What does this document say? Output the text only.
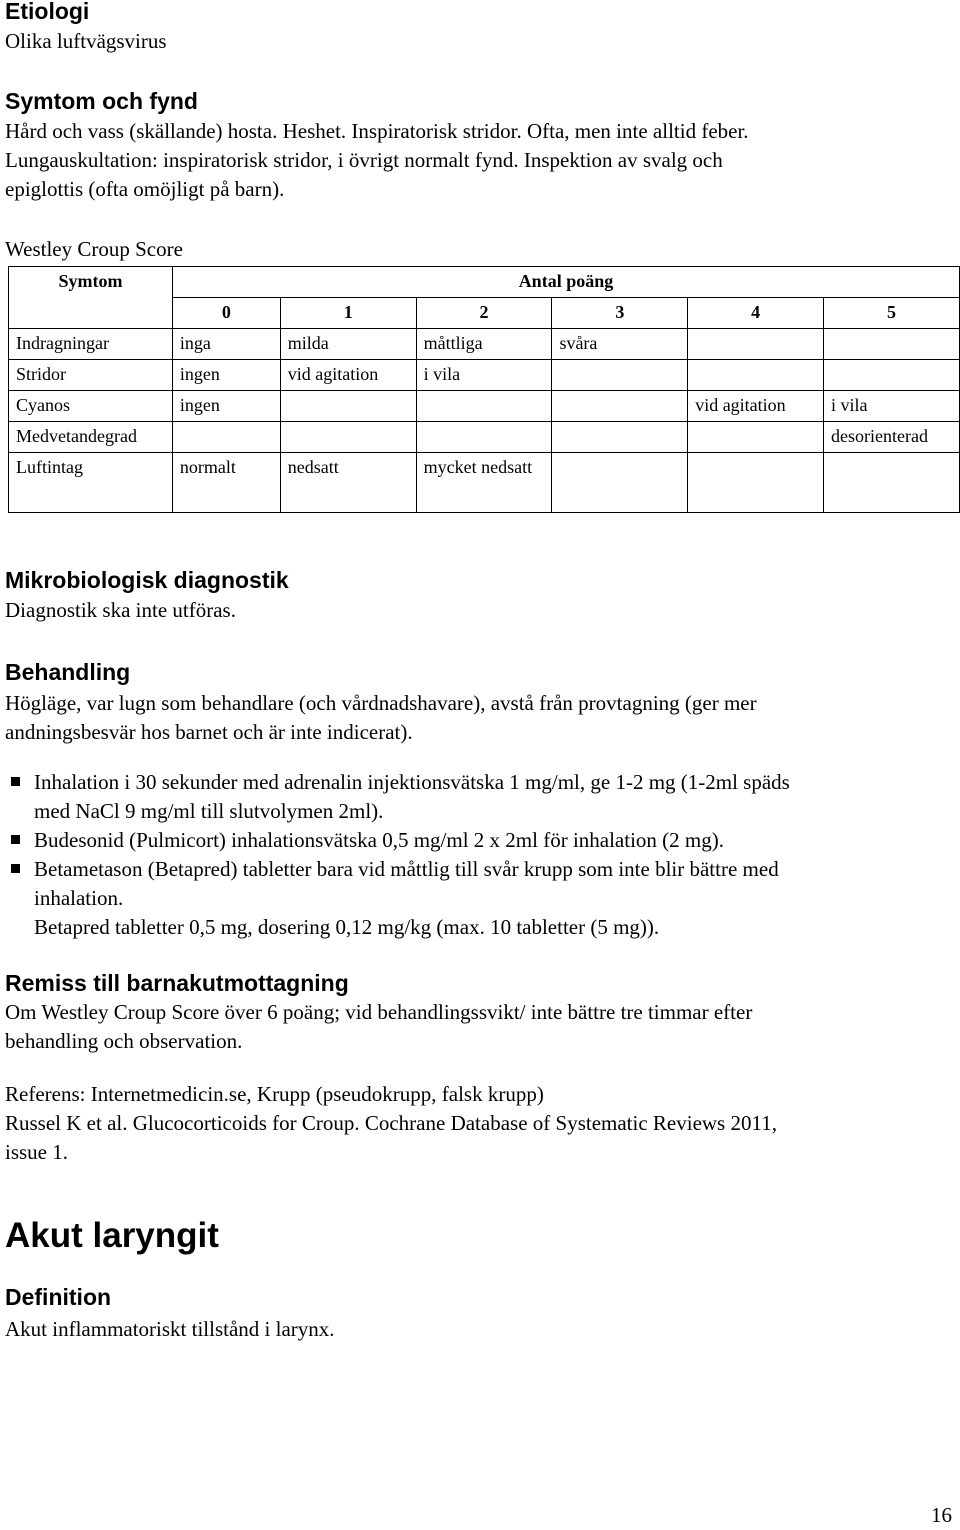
Etiologi

Olika luftvägsvirus

Symtom och fynd

Hård och vass (skällande) hosta. Heshet. Inspiratorisk stridor. Ofta, men inte alltid feber.

Lungauskultation: inspiratorisk stridor, i övrigt normalt fynd. Inspektion av svalg och

epiglottis (ofta omöjligt på barn).

Westley Croup Score

Symtom	Antal poäng					
	0	1	2	3	4	5
Indragningar	inga	milda	måttliga	svåra		
Stridor	ingen	vid agitation	i vila			
Cyanos	ingen				vid agitation	i vila
Medvetandegrad						desorienterad
Luftintag	normalt	nedsatt	mycket nedsatt			
Mikrobiologisk diagnostik

Diagnostik ska inte utföras.

Behandling

Högläge, var lugn som behandlare (och vårdnadshavare), avstå från provtagning (ger mer

andningsbesvär hos barnet och är inte indicerat).

Inhalation i 30 sekunder med adrenalin injektionsvätska 1 mg/ml, ge 1-2 mg (1-2ml späds
med NaCl 9 mg/ml till slutvolymen 2ml).
Budesonid (Pulmicort) inhalationsvätska 0,5 mg/ml 2 x 2ml för inhalation (2 mg).
Betametason (Betapred) tabletter bara vid måttlig till svår krupp som inte blir bättre med
inhalation.
Betapred tabletter 0,5 mg, dosering 0,12 mg/kg (max. 10 tabletter (5 mg)).
Remiss till barnakutmottagning

Om Westley Croup Score över 6 poäng; vid behandlingssvikt/ inte bättre tre timmar efter

behandling och observation.

Referens: Internetmedicin.se, Krupp (pseudokrupp, falsk krupp)

Russel K et al. Glucocorticoids for Croup. Cochrane Database of Systematic Reviews 2011,

issue 1.

Akut laryngit
Definition

Akut inflammatoriskt tillstånd i larynx.

16
